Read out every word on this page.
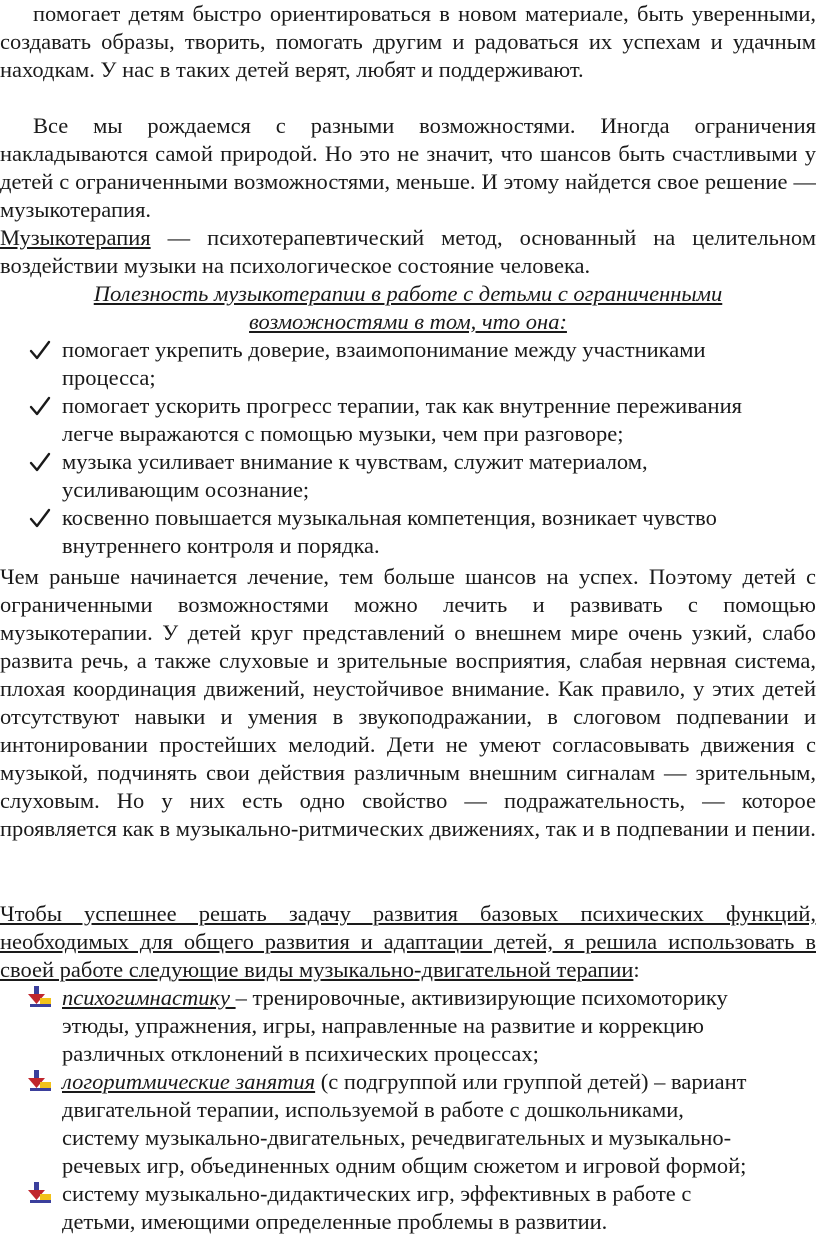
помогает детям быстро ориентироваться в новом материале, быть уверенными, создавать образы, творить, помогать другим и радоваться их успехам и удачным находкам. У нас в таких детей верят, любят и поддерживают.

Все мы рождаемся с разными возможностями. Иногда ограничения накладываются самой природой. Но это не значит, что шансов быть счастливыми у детей с ограниченными возможностями, меньше. И этому найдется свое решение — музыкотерапия.

Музыкотерапия — психотерапевтический метод, основанный на целительном воздействии музыки на психологическое состояние человека.

Полезность музыкотерапии в работе с детьми с ограниченными
возможностями в том, что она:
помогает укрепить доверие, взаимопонимание между участниками
процесса;
помогает ускорить прогресс терапии, так как внутренние переживания
легче выражаются с помощью музыки, чем при разговоре;
музыка усиливает внимание к чувствам, служит материалом,
усиливающим осознание;
косвенно повышается музыкальная компетенция, возникает чувство
внутреннего контроля и порядка.

Чем раньше начинается лечение, тем больше шансов на успех. Поэтому детей с ограниченными возможностями можно лечить и развивать с помощью музыкотерапии. У детей круг представлений о внешнем мире очень узкий, слабо развита речь, а также слуховые и зрительные восприятия, слабая нервная система, плохая координация движений, неустойчивое внимание. Как правило, у этих детей отсутствуют навыки и умения в звукоподражании, в слоговом подпевании и интонировании простейших мелодий. Дети не умеют согласовывать движения с музыкой, подчинять свои действия различным внешним сигналам — зрительным, слуховым. Но у них есть одно свойство — подражательность, — которое проявляется как в музыкально-ритмических движениях, так и в подпевании и пении.

Чтобы успешнее решать задачу развития базовых психических функций, необходимых для общего развития и адаптации детей, я решила использовать в своей работе следующие виды музыкально-двигательной терапии:

психогимнастику – тренировочные, активизирующие психомоторику
этюды, упражнения, игры, направленные на развитие и коррекцию
различных отклонений в психических процессах;
логоритмические занятия (с подгруппой или группой детей) – вариант
двигательной терапии, используемой в работе с дошкольниками,
систему музыкально-двигательных, речедвигательных и музыкально-
речевых игр, объединенных одним общим сюжетом и игровой формой;
систему музыкально-дидактических игр, эффективных в работе с
детьми, имеющими определенные проблемы в развитии.
